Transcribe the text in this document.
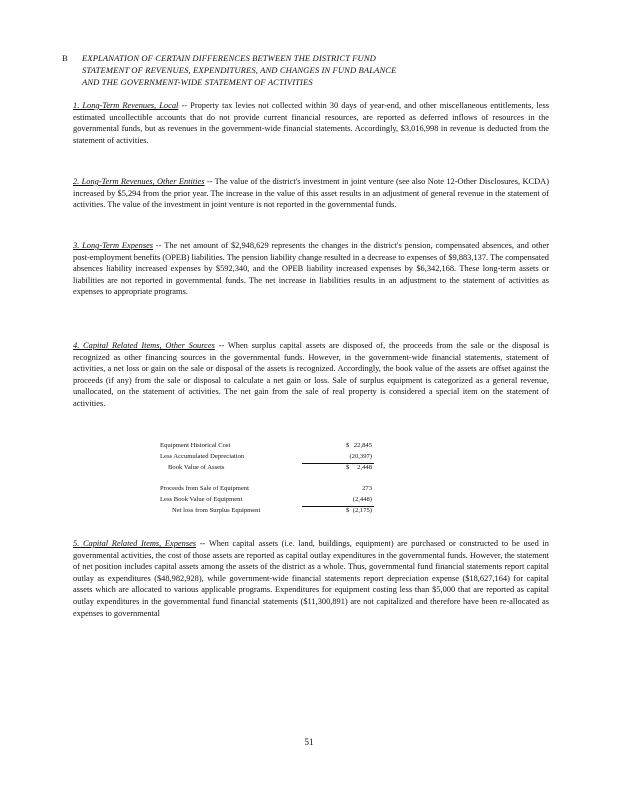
B EXPLANATION OF CERTAIN DIFFERENCES BETWEEN THE DISTRICT FUND
STATEMENT OF REVENUES, EXPENDITURES, AND CHANGES IN FUND BALANCE
AND THE GOVERNMENT-WIDE STATEMENT OF ACTIVITIES
1. Long-Term Revenues, Local -- Property tax levies not collected within 30 days of year-end, and other miscellaneous entitlements, less estimated uncollectible accounts that do not provide current financial resources, are reported as deferred inflows of resources in the governmental funds, but as revenues in the government-wide financial statements. Accordingly, $3,016,998 in revenue is deducted from the statement of activities.
2. Long-Term Revenues, Other Entities -- The value of the district's investment in joint venture (see also Note 12-Other Disclosures, KCDA) increased by $5,294 from the prior year. The increase in the value of this asset results in an adjustment of general revenue in the statement of activities. The value of the investment in joint venture is not reported in the governmental funds.
3. Long-Term Expenses -- The net amount of $2,948,629 represents the changes in the district's pension, compensated absences, and other post-employment benefits (OPEB) liabilities. The pension liability change resulted in a decrease to expenses of $9,883,137. The compensated absences liability increased expenses by $592,340, and the OPEB liability increased expenses by $6,342,168. These long-term assets or liabilities are not reported in governmental funds. The net increase in liabilities results in an adjustment to the statement of activities as expenses to appropriate programs.
4. Capital Related Items, Other Sources -- When surplus capital assets are disposed of, the proceeds from the sale or the disposal is recognized as other financing sources in the governmental funds. However, in the government-wide financial statements, statement of activities, a net loss or gain on the sale or disposal of the assets is recognized. Accordingly, the book value of the assets are offset against the proceeds (if any) from the sale or disposal to calculate a net gain or loss. Sale of surplus equipment is categorized as a general revenue, unallocated, on the statement of activities. The net gain from the sale of real property is considered a special item on the statement of activities.
Equipment Historical Cost	$ 22,845
Less Accumulated Depreciation	(20,397)
Book Value of Assets	$ 2,448
Proceeds from Sale of Equipment	273
Less Book Value of Equipment	(2,448)
Net loss from Surplus Equipment	$ (2,175)
5. Capital Related Items, Expenses -- When capital assets (i.e. land, buildings, equipment) are purchased or constructed to be used in governmental activities, the cost of those assets are reported as capital outlay expenditures in the governmental funds. However, the statement of net position includes capital assets among the assets of the district as a whole. Thus, governmental fund financial statements report capital outlay as expenditures ($48,982,928), while government-wide financial statements report depreciation expense ($18,627,164) for capital assets which are allocated to various applicable programs. Expenditures for equipment costing less than $5,000 that are reported as capital outlay expenditures in the governmental fund financial statements ($11,300,891) are not capitalized and therefore have been re-allocated as expenses to governmental
51
